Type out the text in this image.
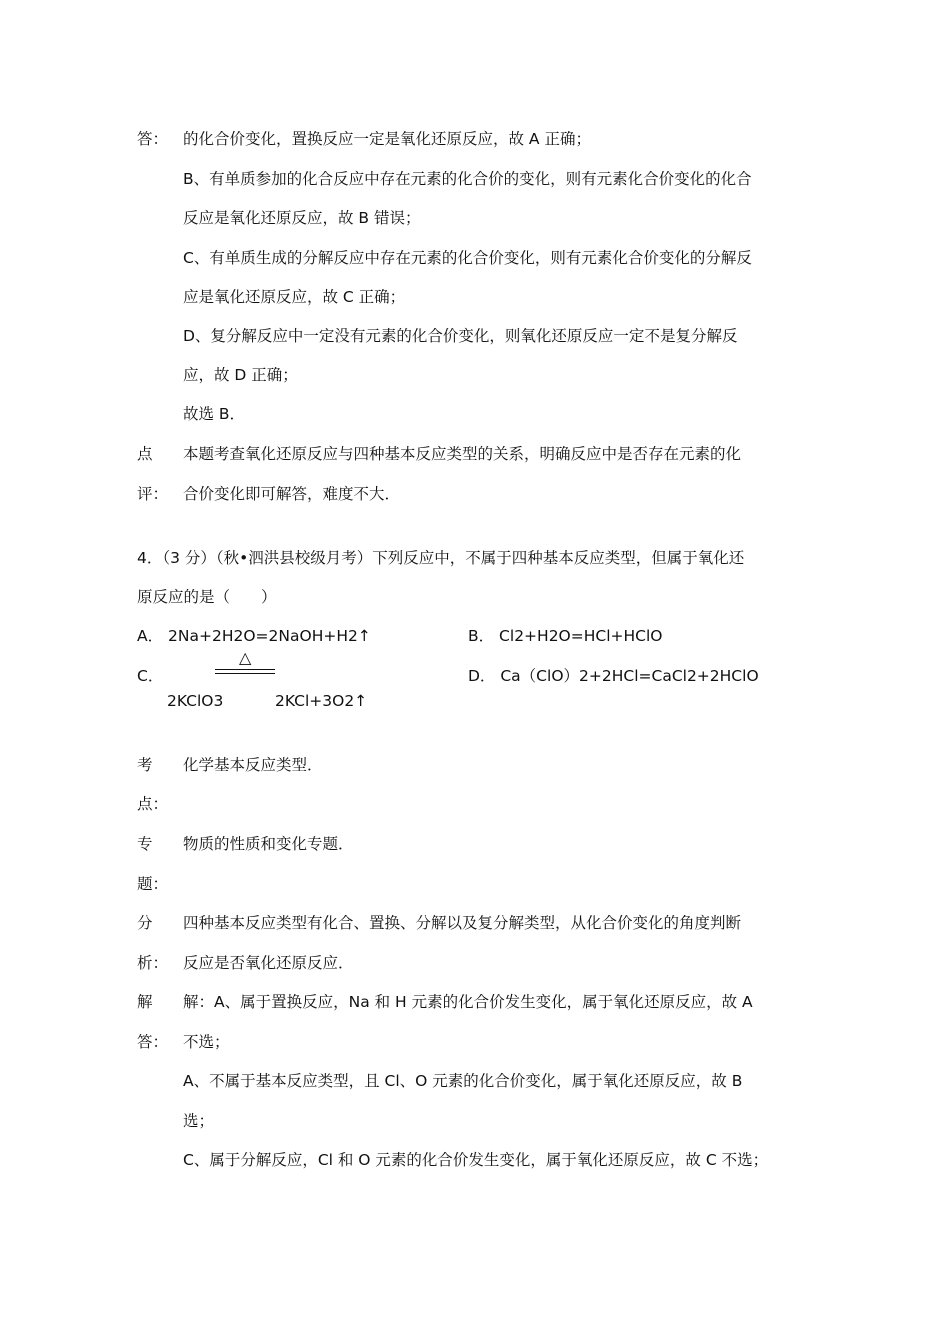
答： 的化合价变化，置换反应一定是氧化还原反应，故 A 正确；
B、有单质参加的化合反应中存在元素的化合价的变化，则有元素化合价变化的化合
反应是氧化还原反应，故 B 错误；
C、有单质生成的分解反应中存在元素的化合价变化，则有元素化合价变化的分解反
应是氧化还原反应，故 C 正确；
D、复分解反应中一定没有元素的化合价变化，则氧化还原反应一定不是复分解反
应，故 D 正确；
故选 B．
点 本题考查氧化还原反应与四种基本反应类型的关系，明确反应中是否存在元素的化
评： 合价变化即可解答，难度不大．
4．（3 分）（秋•泗洪县校级月考）下列反应中，不属于四种基本反应类型，但属于氧化还
原反应的是（　　）
A． 2Na+2H2O=2NaOH+H2↑	B． Cl2+H2O=HCl+HClO
C．
△
D． Ca（ClO）2+2HCl=CaCl2+2HClO
2KClO3	2KCl+3O2↑
考 化学基本反应类型．
点：
专 物质的性质和变化专题．
题：
分 四种基本反应类型有化合、置换、分解以及复分解类型，从化合价变化的角度判断
析： 反应是否氧化还原反应．
解 解：A、属于置换反应，Na 和 H 元素的化合价发生变化，属于氧化还原反应，故 A
答： 不选；
A、不属于基本反应类型，且 Cl、O 元素的化合价变化，属于氧化还原反应，故 B
选；
C、属于分解反应，Cl 和 O 元素的化合价发生变化，属于氧化还原反应，故 C 不选；
